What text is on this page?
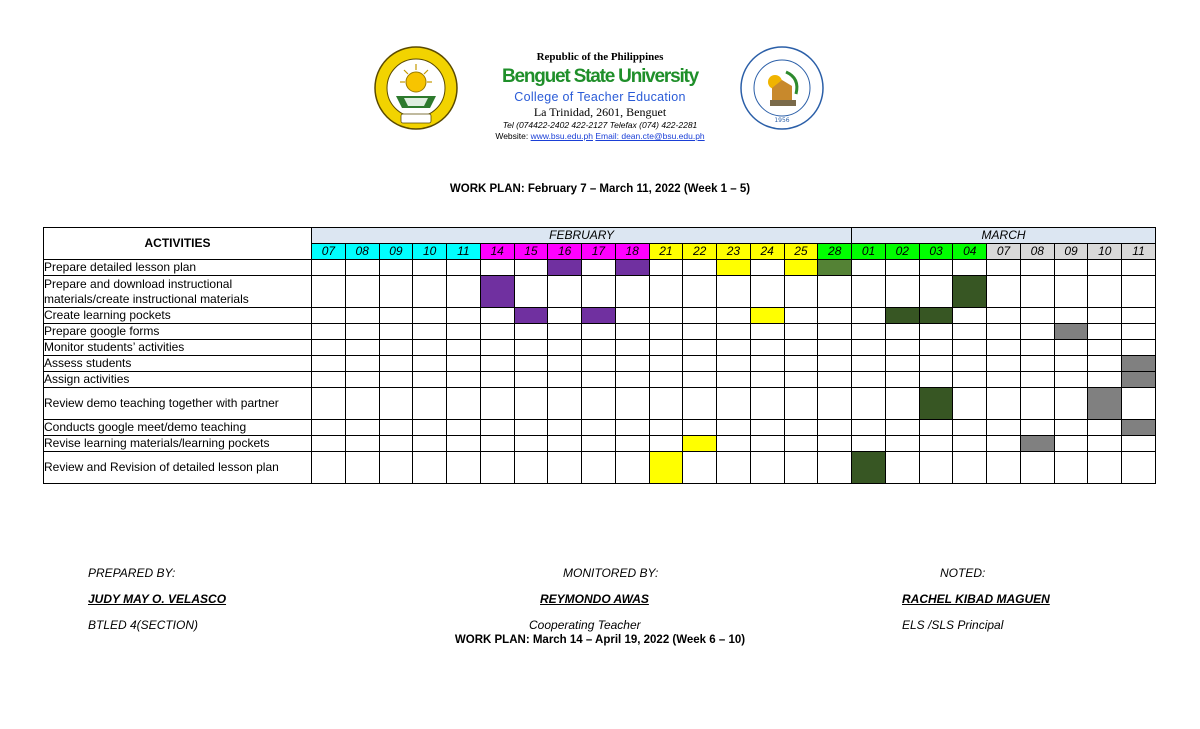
Republic of the Philippines
Benguet State University
College of Teacher Education
La Trinidad, 2601, Benguet
Tel (074422-2402 422-2127 Telefax (074) 422-2281
Website: www.bsu.edu.ph Email: dean.cte@bsu.edu.ph
1956
WORK PLAN: February 7 – March 11, 2022 (Week 1 – 5)
ACTIVITIES	FEBRUARY																MARCH								
	07	08	09	10	11	14	15	16	17	18	21	22	23	24	25	28	01	02	03	04	07	08	09	10	11
Prepare detailed lesson plan																									
Prepare and download instructional materials/create instructional materials																									
Create learning pockets																									
Prepare google forms																									
Monitor students’ activities																									
Assess students																									
Assign activities																									
Review demo teaching together with partner																									
Conducts google meet/demo teaching																									
Revise learning materials/learning pockets																									
Review and Revision of detailed lesson plan																									
PREPARED BY:
JUDY MAY O. VELASCO
BTLED 4(SECTION)
MONITORED BY:
REYMONDO AWAS
Cooperating Teacher
NOTED:
RACHEL KIBAD MAGUEN
ELS /SLS Principal
WORK PLAN: March 14 – April 19, 2022 (Week 6 – 10)
